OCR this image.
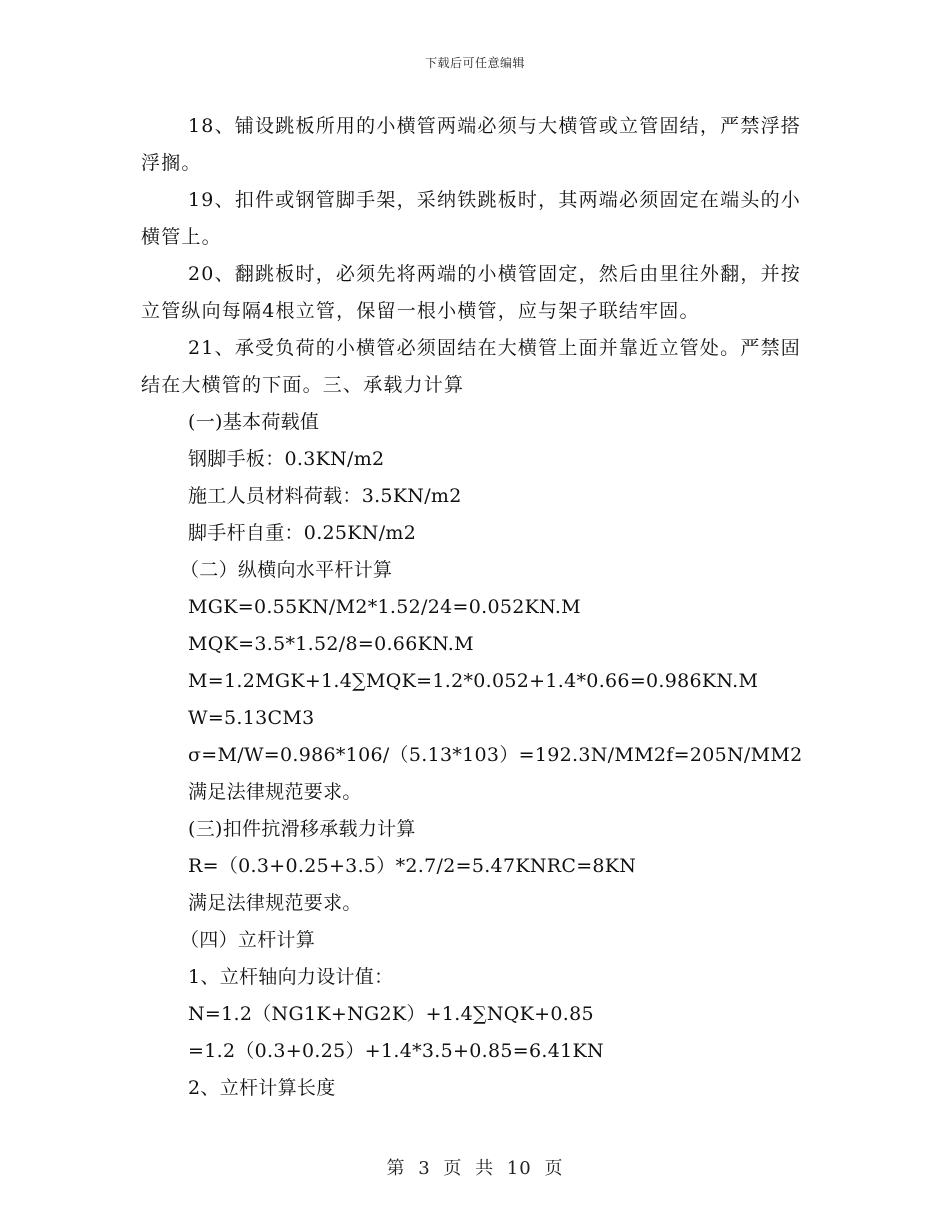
下载后可任意编辑

18、铺设跳板所用的小横管两端必须与大横管或立管固结，严禁浮搭浮搁。

19、扣件或钢管脚手架，采纳铁跳板时，其两端必须固定在端头的小横管上。

20、翻跳板时，必须先将两端的小横管固定，然后由里往外翻，并按立管纵向每隔4根立管，保留一根小横管，应与架子联结牢固。

21、承受负荷的小横管必须固结在大横管上面并靠近立管处。严禁固结在大横管的下面。三、承载力计算

(一)基本荷载值

钢脚手板：0.3KN/m2

施工人员材料荷载：3.5KN/m2

脚手杆自重：0.25KN/m2

（二）纵横向水平杆计算

MGK=0.55KN/M2*1.52/24=0.052KN.M

MQK=3.5*1.52/8=0.66KN.M

M=1.2MGK+1.4∑MQK=1.2*0.052+1.4*0.66=0.986KN.M

W=5.13CM3

σ=M/W=0.986*106/（5.13*103）=192.3N/MM2f=205N/MM2

满足法律规范要求。

(三)扣件抗滑移承载力计算

R=（0.3+0.25+3.5）*2.7/2=5.47KNRC=8KN

满足法律规范要求。

（四）立杆计算

1、立杆轴向力设计值：

N=1.2（NG1K+NG2K）+1.4∑NQK+0.85

=1.2（0.3+0.25）+1.4*3.5+0.85=6.41KN

2、立杆计算长度

第 3 页 共 10 页
